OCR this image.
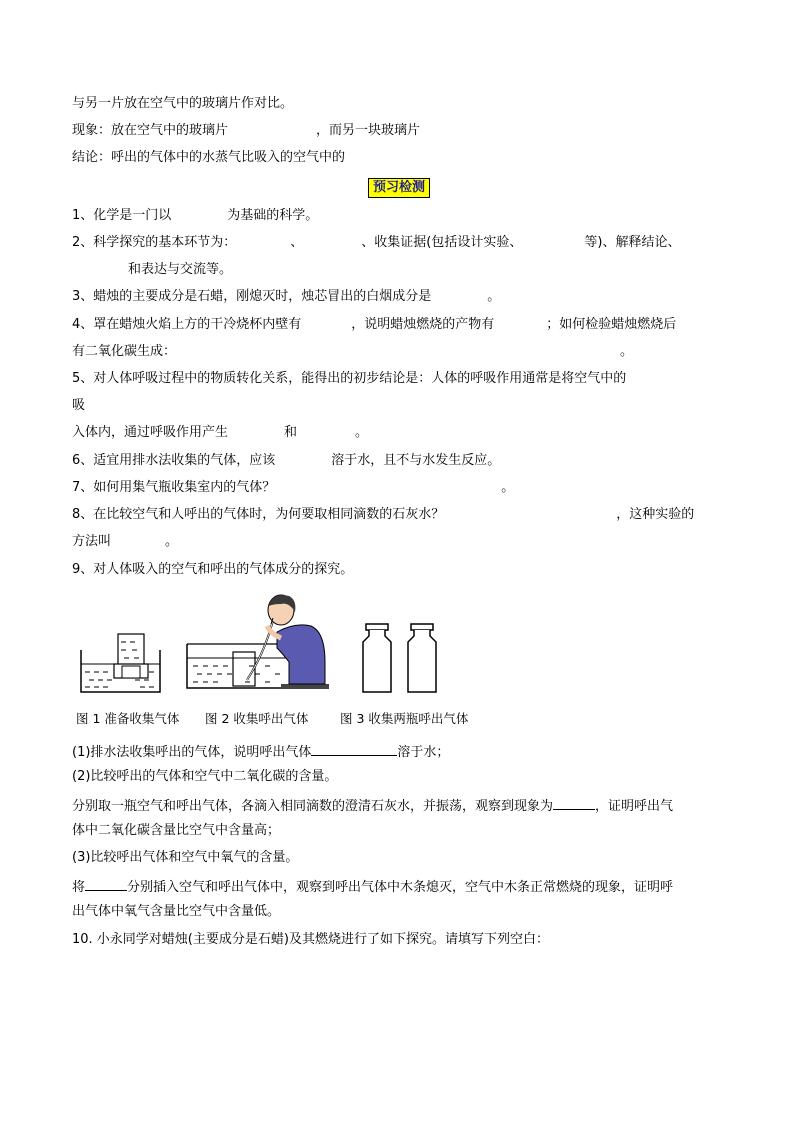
与另一片放在空气中的玻璃片作对比。
现象：放在空气中的玻璃片	，而另一块玻璃片
结论：呼出的气体中的水蒸气比吸入的空气中的
预习检测
1、化学是一门以	为基础的科学。
2、科学探究的基本环节为：	、	、收集证据(包括设计实验、	等)、解释结论、
和表达与交流等。
3、蜡烛的主要成分是石蜡，刚熄灭时，烛芯冒出的白烟成分是	。
4、罩在蜡烛火焰上方的干冷烧杯内壁有	，说明蜡烛燃烧的产物有	；如何检验蜡烛燃烧后
有二氧化碳生成：	。
5、对人体呼吸过程中的物质转化关系，能得出的初步结论是：人体的呼吸作用通常是将空气中的
吸
入体内，通过呼吸作用产生	和	。
6、适宜用排水法收集的气体，应该	溶于水，且不与水发生反应。
7、如何用集气瓶收集室内的气体？	。
8、在比较空气和人呼出的气体时，为何要取相同滴数的石灰水？	，这种实验的
方法叫	。
9、对人体吸入的空气和呼出的气体成分的探究。
图 1 准备收集气体 图 2 收集呼出气体	图 3 收集两瓶呼出气体
(1)排水法收集呼出的气体，说明呼出气体	溶于水；
(2)比较呼出的气体和空气中二氧化碳的含量。
分别取一瓶空气和呼出气体，各滴入相同滴数的澄清石灰水，并振荡，观察到现象为	，证明呼出气
体中二氧化碳含量比空气中含量高；
(3)比较呼出气体和空气中氧气的含量。
将	分别插入空气和呼出气体中，观察到呼出气体中木条熄灭，空气中木条正常燃烧的现象，证明呼
出气体中氧气含量比空气中含量低。
10. 小永同学对蜡烛(主要成分是石蜡)及其燃烧进行了如下探究。请填写下列空白：
